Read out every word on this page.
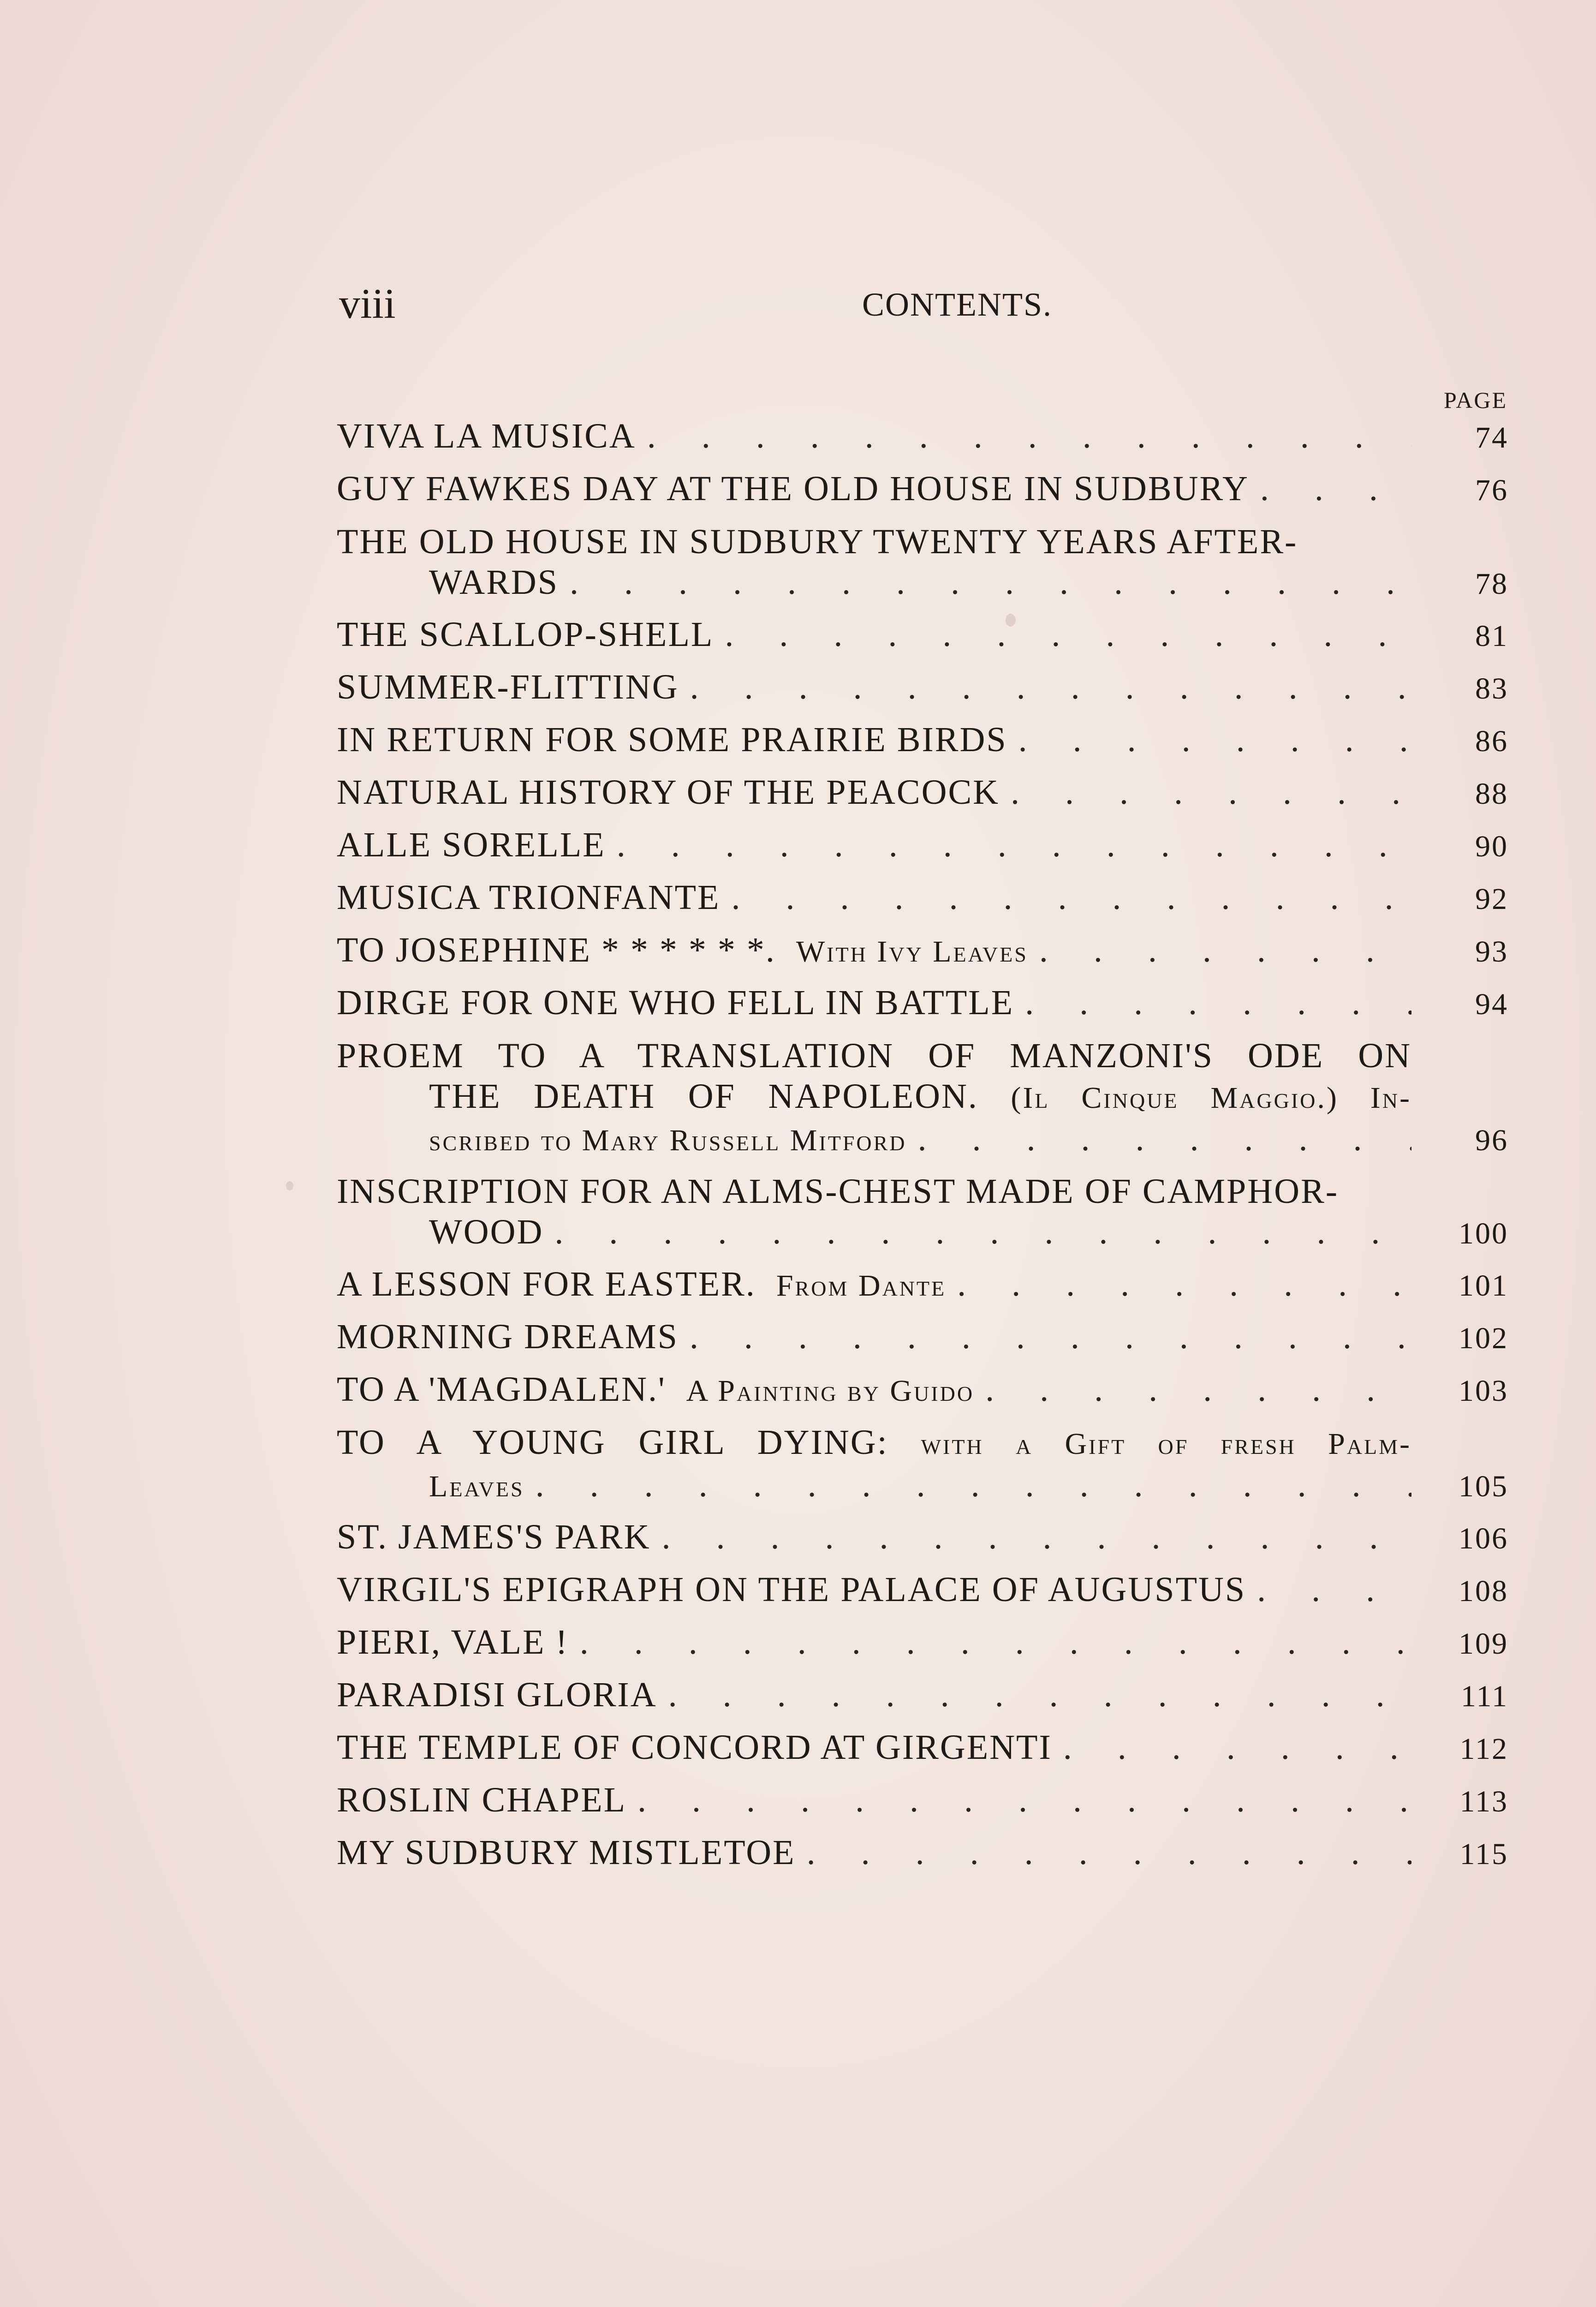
viii	CONTENTS.
PAGE
VIVA LA MUSICA . . .	74
GUY FAWKES DAY AT THE OLD HOUSE IN SUDBURY . . .	76
THE OLD HOUSE IN SUDBURY TWENTY YEARS AFTER-
WARDS . . .	78
THE SCALLOP-SHELL . . .	81
SUMMER-FLITTING . . .	83
IN RETURN FOR SOME PRAIRIE BIRDS . . .	86
NATURAL HISTORY OF THE PEACOCK . . .	88
ALLE SORELLE . . .	90
MUSICA TRIONFANTE . . .	92
TO JOSEPHINE * * * * * *. With Ivy Leaves . . .	93
DIRGE FOR ONE WHO FELL IN BATTLE . . .	94
PROEM TO A TRANSLATION OF MANZONI'S ODE ON
THE DEATH OF NAPOLEON. (Il Cinque Maggio.) In-
scribed to Mary Russell Mitford . . .	96
INSCRIPTION FOR AN ALMS-CHEST MADE OF CAMPHOR-
WOOD . . .	100
A LESSON FOR EASTER. From Dante . . .	101
MORNING DREAMS . . .	102
TO A 'MAGDALEN.' A Painting by Guido . . .	103
TO A YOUNG GIRL DYING: with a Gift of fresh Palm-
Leaves . . .	105
ST. JAMES'S PARK . . .	106
VIRGIL'S EPIGRAPH ON THE PALACE OF AUGUSTUS . . .	108
PIERI, VALE ! . . .	109
PARADISI GLORIA . . .	111
THE TEMPLE OF CONCORD AT GIRGENTI . . .	112
ROSLIN CHAPEL . . .	113
MY SUDBURY MISTLETOE . . .	115
